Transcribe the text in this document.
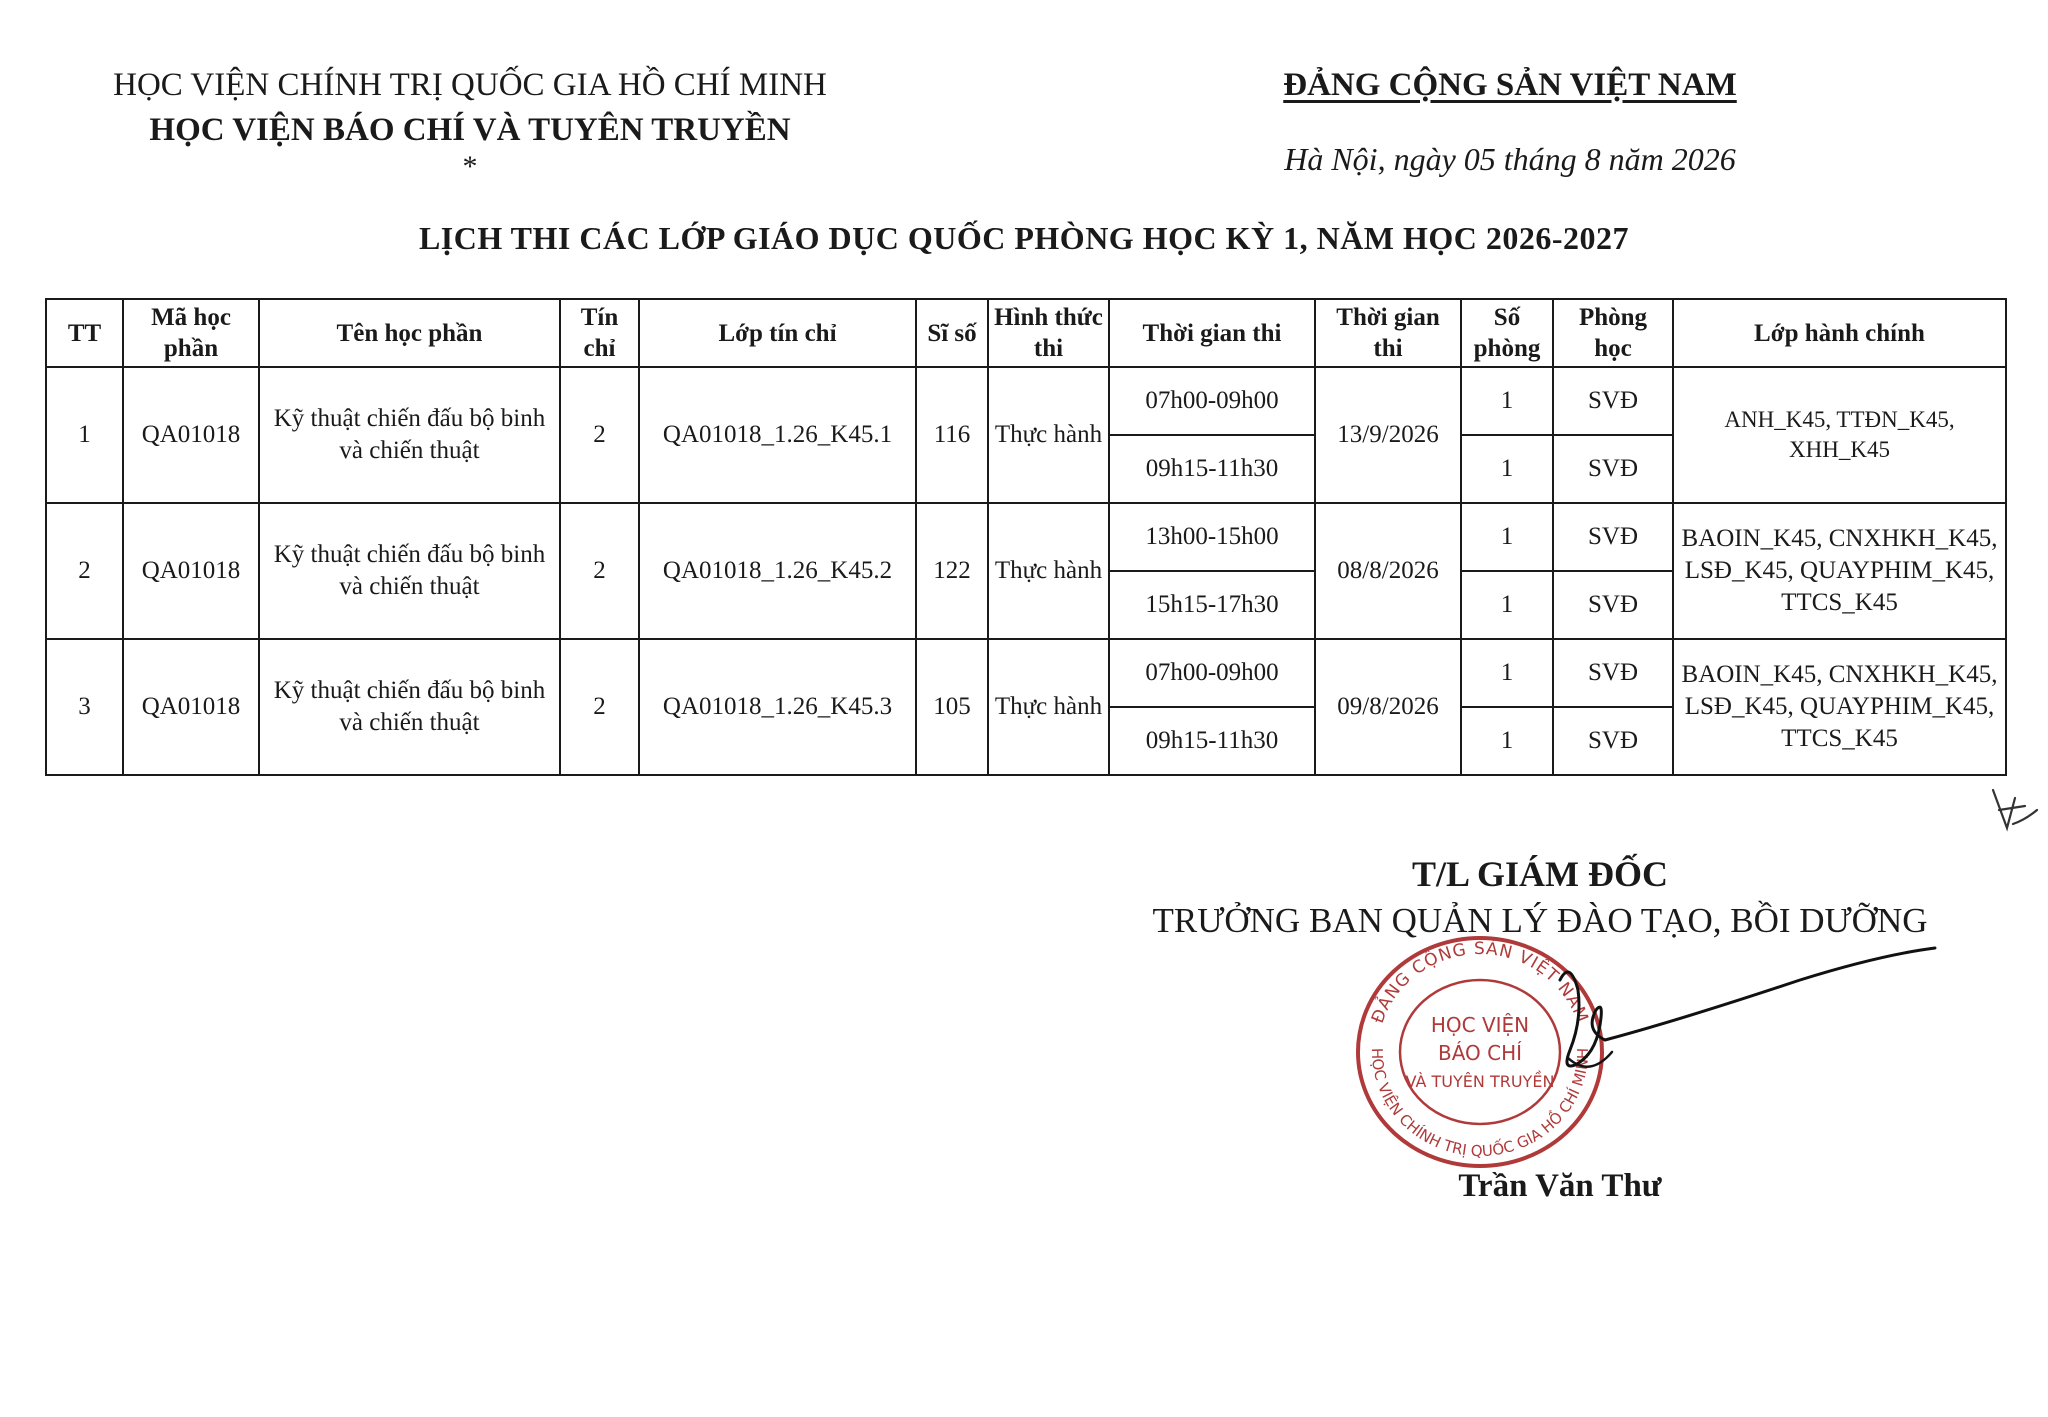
HỌC VIỆN CHÍNH TRỊ QUỐC GIA HỒ CHÍ MINH
HỌC VIỆN BÁO CHÍ VÀ TUYÊN TRUYỀN
*
ĐẢNG CỘNG SẢN VIỆT NAM
Hà Nội, ngày 05 tháng 8 năm 2026
LỊCH THI CÁC LỚP GIÁO DỤC QUỐC PHÒNG HỌC KỲ 1, NĂM HỌC 2026-2027
TT	Mã học phần	Tên học phần	Tín chỉ	Lớp tín chỉ	Sĩ số	Hình thức thi	Thời gian thi	Thời gian thi	Số phòng	Phòng học	Lớp hành chính
1	QA01018	Kỹ thuật chiến đấu bộ binh và chiến thuật	2	QA01018_1.26_K45.1	116	Thực hành	07h00-09h00	13/9/2026	1	SVĐ	ANH_K45, TTĐN_K45, XHH_K45
							09h15-11h30		1	SVĐ	
2	QA01018	Kỹ thuật chiến đấu bộ binh và chiến thuật	2	QA01018_1.26_K45.2	122	Thực hành	13h00-15h00	08/8/2026	1	SVĐ	BAOIN_K45, CNXHKH_K45, LSĐ_K45, QUAYPHIM_K45, TTCS_K45
							15h15-17h30		1	SVĐ	
3	QA01018	Kỹ thuật chiến đấu bộ binh và chiến thuật	2	QA01018_1.26_K45.3	105	Thực hành	07h00-09h00	09/8/2026	1	SVĐ	BAOIN_K45, CNXHKH_K45, LSĐ_K45, QUAYPHIM_K45, TTCS_K45
							09h15-11h30		1	SVĐ	
T/L GIÁM ĐỐC
TRƯỞNG BAN QUẢN LÝ ĐÀO TẠO, BỒI DƯỠNG
ĐẢNG CỘNG SẢN VIỆT NAM
HỌC VIỆN CHÍNH TRỊ QUỐC GIA HỒ CHÍ MINH
HỌC VIỆN
BÁO CHÍ
VÀ TUYÊN TRUYỀN
Trần Văn Thư
